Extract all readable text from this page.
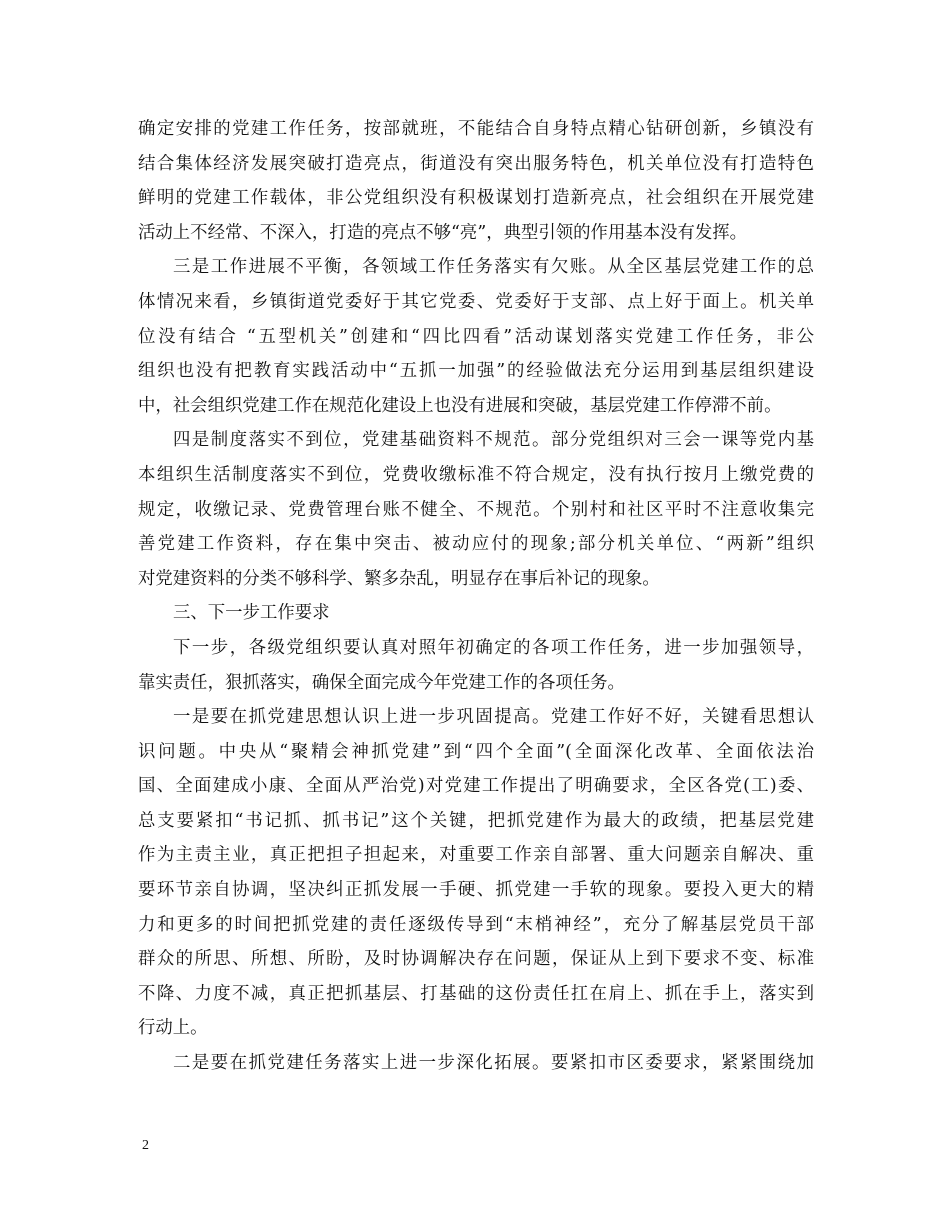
确定安排的党建工作任务，按部就班，不能结合自身特点精心钻研创新，乡镇没有
结合集体经济发展突破打造亮点，街道没有突出服务特色，机关单位没有打造特色
鲜明的党建工作载体，非公党组织没有积极谋划打造新亮点，社会组织在开展党建
活动上不经常、不深入，打造的亮点不够“亮”，典型引领的作用基本没有发挥。
三是工作进展不平衡，各领域工作任务落实有欠账。从全区基层党建工作的总
体情况来看，乡镇街道党委好于其它党委、党委好于支部、点上好于面上。机关单
位没有结合 “五型机关”创建和“四比四看”活动谋划落实党建工作任务，非公
组织也没有把教育实践活动中“五抓一加强”的经验做法充分运用到基层组织建设
中，社会组织党建工作在规范化建设上也没有进展和突破，基层党建工作停滞不前。
四是制度落实不到位，党建基础资料不规范。部分党组织对三会一课等党内基
本组织生活制度落实不到位，党费收缴标准不符合规定，没有执行按月上缴党费的
规定，收缴记录、党费管理台账不健全、不规范。个别村和社区平时不注意收集完
善党建工作资料，存在集中突击、被动应付的现象;部分机关单位、“两新”组织
对党建资料的分类不够科学、繁多杂乱，明显存在事后补记的现象。
三、下一步工作要求
下一步，各级党组织要认真对照年初确定的各项工作任务，进一步加强领导，
靠实责任，狠抓落实，确保全面完成今年党建工作的各项任务。
一是要在抓党建思想认识上进一步巩固提高。党建工作好不好，关键看思想认
识问题。中央从“聚精会神抓党建”到“四个全面”(全面深化改革、全面依法治
国、全面建成小康、全面从严治党)对党建工作提出了明确要求，全区各党(工)委、
总支要紧扣“书记抓、抓书记”这个关键，把抓党建作为最大的政绩，把基层党建
作为主责主业，真正把担子担起来，对重要工作亲自部署、重大问题亲自解决、重
要环节亲自协调，坚决纠正抓发展一手硬、抓党建一手软的现象。要投入更大的精
力和更多的时间把抓党建的责任逐级传导到“末梢神经”，充分了解基层党员干部
群众的所思、所想、所盼，及时协调解决存在问题，保证从上到下要求不变、标准
不降、力度不减，真正把抓基层、打基础的这份责任扛在肩上、抓在手上，落实到
行动上。
二是要在抓党建任务落实上进一步深化拓展。要紧扣市区委要求，紧紧围绕加
2
